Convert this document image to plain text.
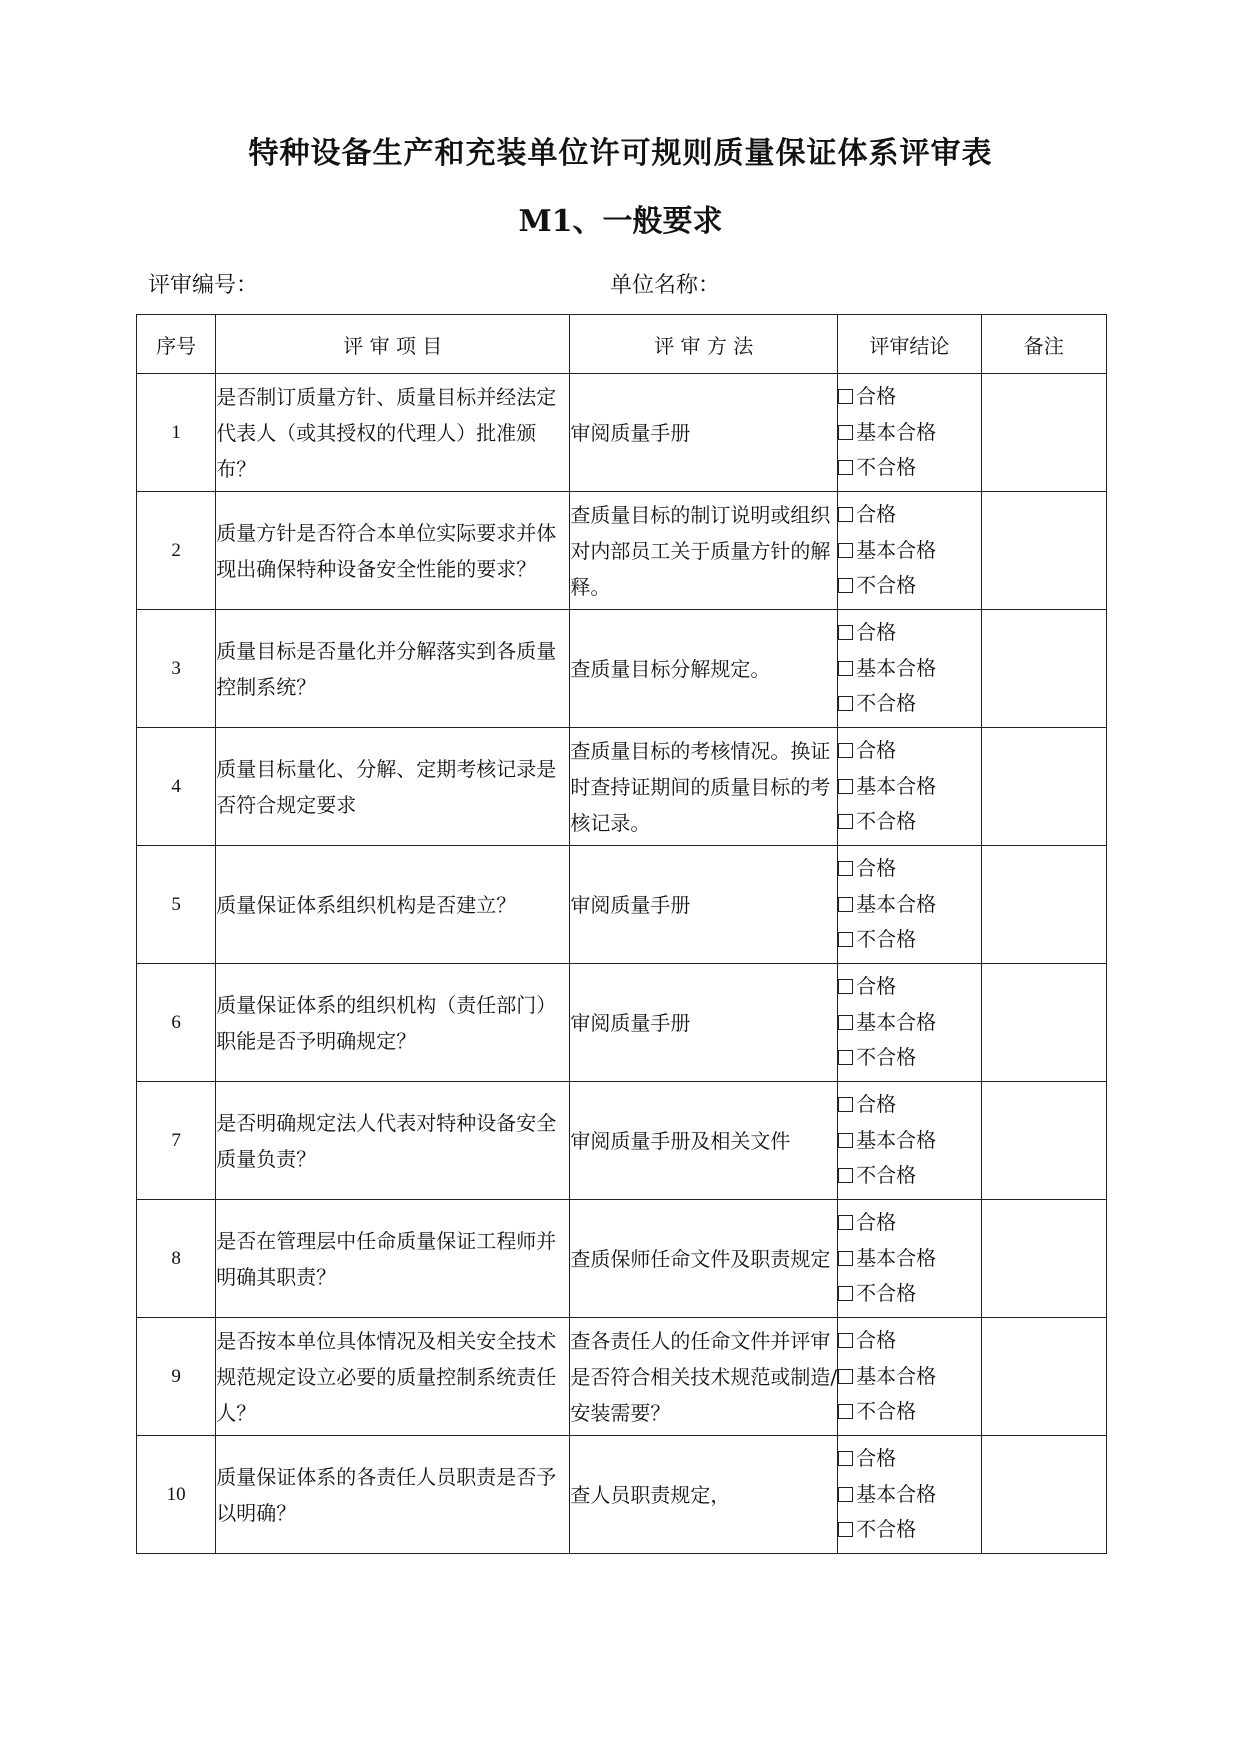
特种设备生产和充装单位许可规则质量保证体系评审表
M1、一般要求
评审编号：	单位名称：
序号	评 审 项 目	评 审 方 法	评审结论	备注
1	是否制订质量方针、质量目标并经法定代表人（或其授权的代理人）批准颁布？	审阅质量手册	合格
基本合格
不合格	

2	质量方针是否符合本单位实际要求并体现出确保特种设备安全性能的要求？	查质量目标的制订说明或组织对内部员工关于质量方针的解释。	合格
基本合格
不合格	

3	质量目标是否量化并分解落实到各质量控制系统？	查质量目标分解规定。	合格
基本合格
不合格	

4	质量目标量化、分解、定期考核记录是否符合规定要求	查质量目标的考核情况。换证时查持证期间的质量目标的考核记录。	合格
基本合格
不合格	

5	质量保证体系组织机构是否建立？	审阅质量手册	合格
基本合格
不合格	

6	质量保证体系的组织机构（责任部门）职能是否予明确规定？	审阅质量手册	合格
基本合格
不合格	

7	是否明确规定法人代表对特种设备安全质量负责？	审阅质量手册及相关文件	合格
基本合格
不合格	

8	是否在管理层中任命质量保证工程师并明确其职责？	查质保师任命文件及职责规定	合格
基本合格
不合格	

9	是否按本单位具体情况及相关安全技术规范规定设立必要的质量控制系统责任人？	查各责任人的任命文件并评审是否符合相关技术规范或制造/安装需要？	合格
基本合格
不合格	

10	质量保证体系的各责任人员职责是否予以明确？	查人员职责规定，	合格
基本合格
不合格	
